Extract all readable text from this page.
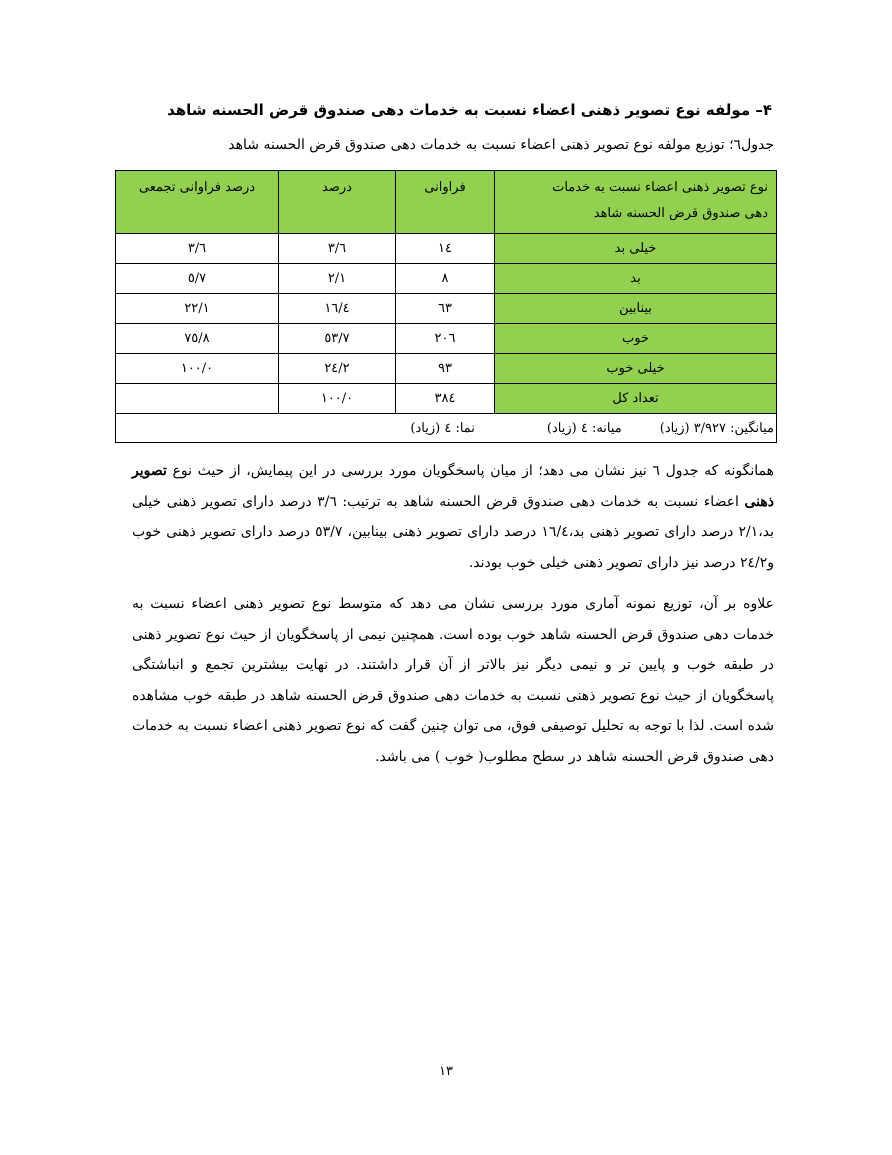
۴– مولفه نوع تصویر ذهنی اعضاء نسبت به خدمات دهی صندوق قرض الحسنه شاهد
جدول٦؛ توزیع مولفه نوع تصویر ذهنی اعضاء نسبت به خدمات دهی صندوق قرض الحسنه شاهد
نوع تصویر ذهنی اعضاء نسبت به خدمات
دهی صندوق قرض الحسنه شاهد	فراوانی	درصد	درصد فراوانی تجمعی
خیلی بد	١٤	٣/٦	٣/٦
بد	٨	٢/١	٥/٧
بینابین	٦٣	١٦/٤	٢٢/١
خوب	٢٠٦	٥٣/٧	٧٥/٨
خیلی خوب	٩٣	٢٤/٢	١٠٠/٠
تعداد کل	٣٨٤	١٠٠/٠	
میانگین: ٣/٩٢٧ (زیاد)میانه: ٤ (زیاد)نما: ٤ (زیاد)			
همانگونه که جدول ٦ نیز نشان می دهد؛ از میان پاسخگویان مورد بررسی در این پیمایش، از حیث نوع تصویر ذهنی اعضاء نسبت به خدمات دهی صندوق قرض الحسنه شاهد به ترتیب: ٣/٦ درصد دارای تصویر ذهنی خیلی بد،٢/١ درصد دارای تصویر ذهنی بد،١٦/٤ درصد دارای تصویر ذهنی بینابین، ٥٣/٧ درصد دارای تصویر ذهنی خوب و٢٤/٢ درصد نیز دارای تصویر ذهنی خیلی خوب بودند.
علاوه بر آن، توزیع نمونه آماری مورد بررسی نشان می دهد که متوسط نوع تصویر ذهنی اعضاء نسبت به خدمات دهی صندوق قرض الحسنه شاهد خوب بوده است. همچنین نیمی از پاسخگویان از حیث نوع تصویر ذهنی در طبقه خوب و پایین تر و نیمی دیگر نیز بالاتر از آن قرار داشتند. در نهایت بیشترین تجمع و انباشتگی پاسخگویان از حیث نوع تصویر ذهنی نسبت به خدمات دهی صندوق قرض الحسنه شاهد در طبقه خوب مشاهده شده است. لذا با توجه به تحلیل توصیفی فوق، می توان چنین گفت که نوع تصویر ذهنی اعضاء نسبت به خدمات دهی صندوق قرض الحسنه شاهد در سطح مطلوب( خوب ) می باشد.
١٣
